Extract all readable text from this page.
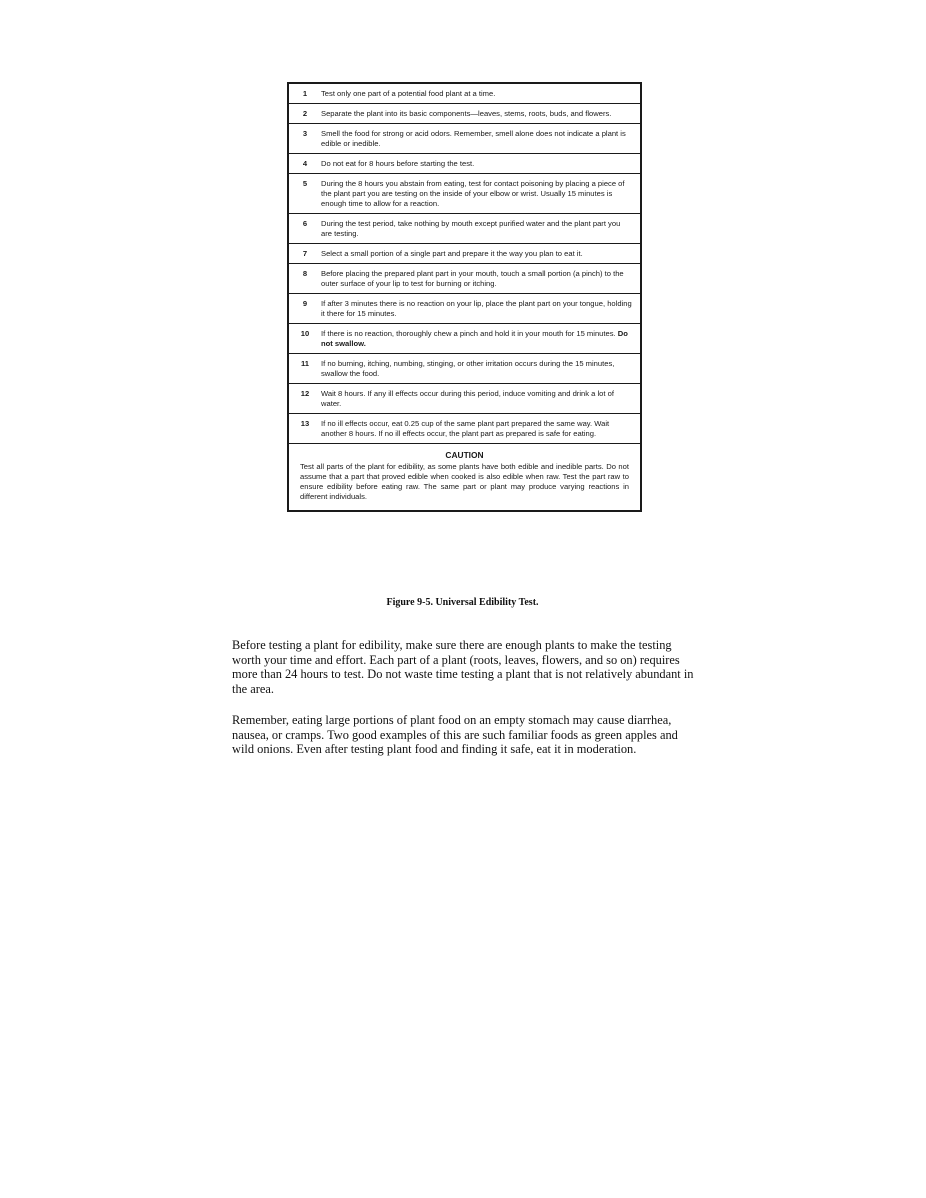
1	Test only one part of a potential food plant at a time.
2	Separate the plant into its basic components—leaves, stems, roots, buds, and flowers.
3	Smell the food for strong or acid odors. Remember, smell alone does not indicate a plant is edible or inedible.
4	Do not eat for 8 hours before starting the test.
5	During the 8 hours you abstain from eating, test for contact poisoning by placing a piece of the plant part you are testing on the inside of your elbow or wrist. Usually 15 minutes is enough time to allow for a reaction.
6	During the test period, take nothing by mouth except purified water and the plant part you are testing.
7	Select a small portion of a single part and prepare it the way you plan to eat it.
8	Before placing the prepared plant part in your mouth, touch a small portion (a pinch) to the outer surface of your lip to test for burning or itching.
9	If after 3 minutes there is no reaction on your lip, place the plant part on your tongue, holding it there for 15 minutes.
10	If there is no reaction, thoroughly chew a pinch and hold it in your mouth for 15 minutes. Do not swallow.
11	If no burning, itching, numbing, stinging, or other irritation occurs during the 15 minutes, swallow the food.
12	Wait 8 hours. If any ill effects occur during this period, induce vomiting and drink a lot of water.
13	If no ill effects occur, eat 0.25 cup of the same plant part prepared the same way. Wait another 8 hours. If no ill effects occur, the plant part as prepared is safe for eating.
CAUTION
Test all parts of the plant for edibility, as some plants have both edible and inedible parts. Do not assume that a part that proved edible when cooked is also edible when raw. Test the part raw to ensure edibility before eating raw. The same part or plant may produce varying reactions in different individuals.
Figure 9-5. Universal Edibility Test.

Before testing a plant for edibility, make sure there are enough plants to make the testing worth your time and effort. Each part of a plant (roots, leaves, flowers, and so on) requires more than 24 hours to test. Do not waste time testing a plant that is not relatively abundant in the area.

Remember, eating large portions of plant food on an empty stomach may cause diarrhea, nausea, or cramps. Two good examples of this are such familiar foods as green apples and wild onions. Even after testing plant food and finding it safe, eat it in moderation.
